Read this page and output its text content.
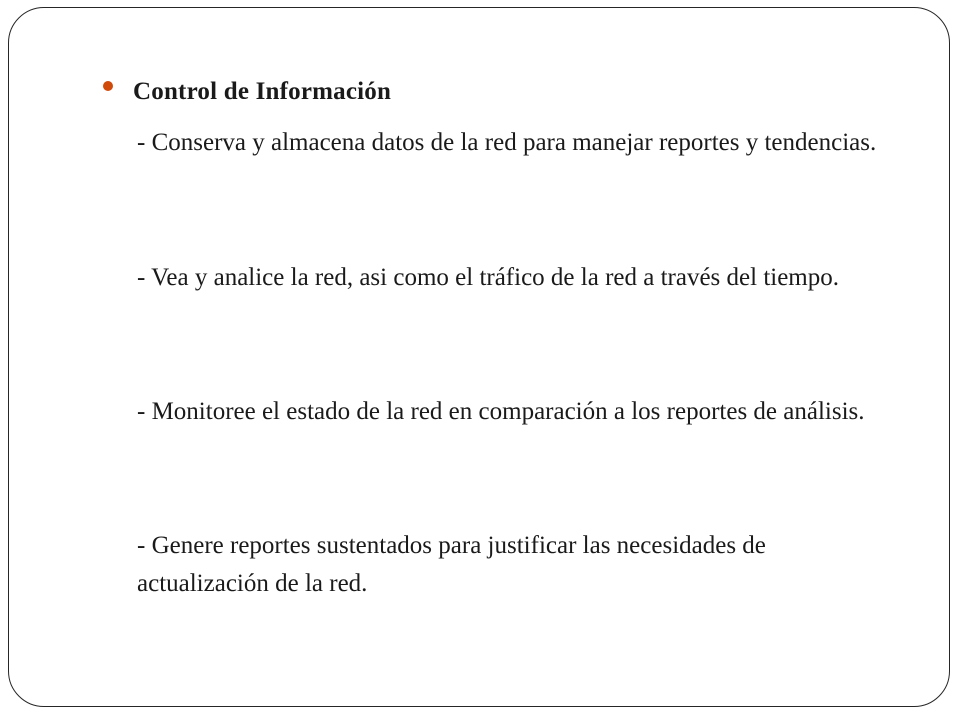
Control de Información

- Conserva y almacena datos de la red para manejar reportes y tendencias.

- Vea y analice la red, asi como el tráfico de la red a través del tiempo.

- Monitoree el estado de la red en comparación a los reportes de análisis.

- Genere reportes sustentados para justificar las necesidades de actualización de la red.
